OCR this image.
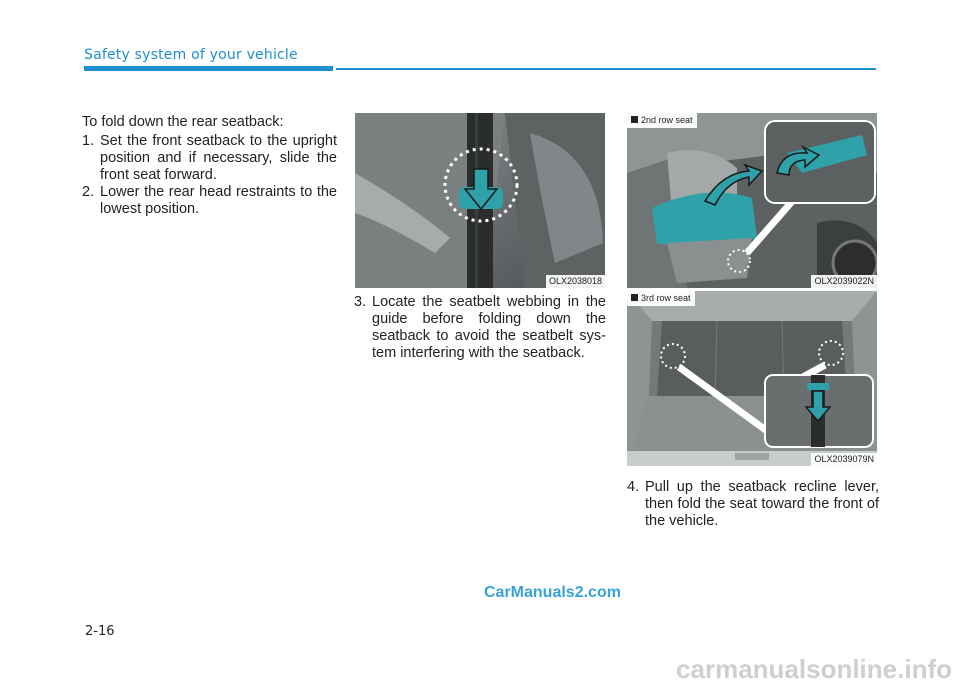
Safety system of your vehicle

To fold down the rear seatback:

1. Set the front seatback to the upright position and if necessary, slide the front seat forward.
2. Lower the rear head restraints to the lowest position.
OLX2038018
3. Locate the seatbelt webbing in the guide before folding down the seatback to avoid the seatbelt sys-tem interfering with the seatback.
2nd row seat
OLX2039022N
3rd row seat
OLX2039079N
4. Pull up the seatback recline lever, then fold the seat toward the front of the vehicle.
CarManuals2.com
2-16
carmanualsonline.info
